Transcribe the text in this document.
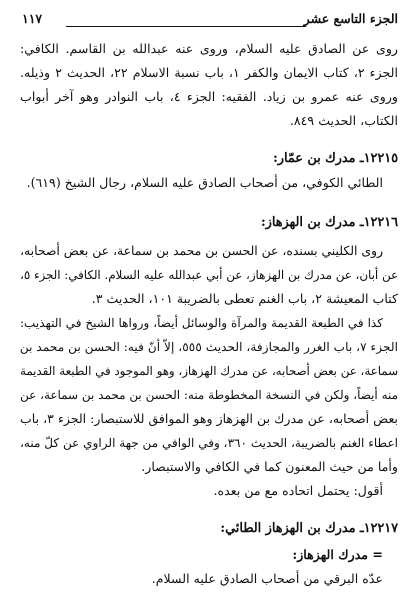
الجزء التاسع عشر
١١٧
روى عن الصادق عليه السلام، وروى عنه عبدالله بن القاسم. الكافي:
الجزء ٢، كتاب الايمان والكفر ١، باب نسبة الاسلام ٢٢، الحديث ٢ وذيله.
وروى عنه عمرو بن زياد. الفقيه: الجزء ٤، باب النوادر وهو آخر أبواب
الكتاب، الحديث ٨٤٩.
١٢٢١٥ـ مدرك بن عمّار:
الطائي الكوفي، من أصحاب الصادق عليه السلام، رجال الشيخ (٦١٩).
١٢٢١٦ـ مدرك بن الهزهاز:
روى الكليني بسنده، عن الحسن بن محمد بن سماعة، عن بعض أصحابه،
عن أبان، عن مدرك بن الهزهاز، عن أبي عبدالله عليه السلام. الكافي: الجزء ٥،
كتاب المعيشة ٢، باب الغنم تعطى بالضريبة ١٠١، الحديث ٣.
كذا في الطبعة القديمة والمرآة والوسائل أيضاً، ورواها الشيخ في التهذيب:
الجزء ٧، باب الغرر والمجازفة، الحديث ٥٥٥، إلاّ أنّ فيه: الحسن بن محمد بن
سماعة، عن بعض أصحابه، عن مدرك الهزهاز، وهو الموجود في الطبعة القديمة
منه أيضاً، ولكن في النسخة المخطوطة منه: الحسن بن محمد بن سماعة، عن
بعض أصحابه، عن مدرك بن الهزهاز وهو الموافق للاستبصار: الجزء ٣، باب
اعطاء الغنم بالضريبة، الحديث ٣٦٠، وفي الوافي من جهة الراوي عن كلّ منه،
وأما من حيث المعنون كما في الكافي والاستبصار.
أقول: يحتمل اتحاده مع من بعده.
١٢٢١٧ـ مدرك بن الهزهاز الطائي:
= مدرك الهزهاز:
عدّه البرقي من أصحاب الصادق عليه السلام.
